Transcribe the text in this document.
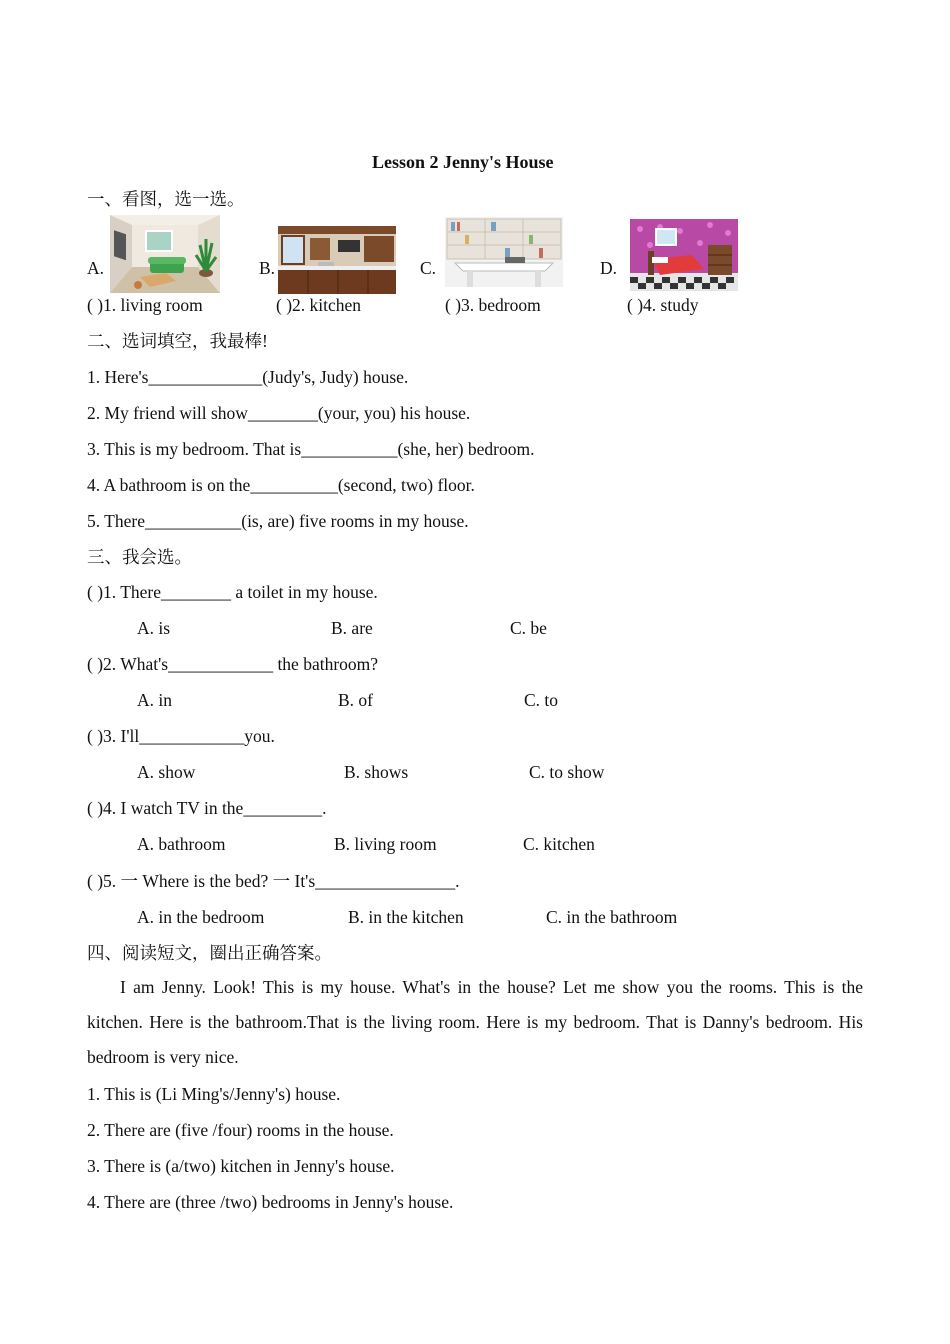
Lesson 2 Jenny's House
一、看图，选一选。
A.	B.	C.	D.
( )1. living room	( )2. kitchen	( )3. bedroom	( )4. study
二、选词填空，我最棒!
1. Here's_____________(Judy's, Judy) house.
2. My friend will show________(your, you) his house.
3. This is my bedroom. That is___________(she, her) bedroom.
4. A bathroom is on the__________(second, two) floor.
5. There___________(is, are) five rooms in my house.
三、我会选。
( )1. There________ a toilet in my house.
A. is	B. are	C. be
( )2. What's____________ the bathroom?
A. in	B. of	C. to
( )3. I'll____________you.
A. show	B. shows	C. to show
( )4. I watch TV in the_________.
A. bathroom	B. living room	C. kitchen
( )5. 一 Where is the bed? 一 It's________________.
A. in the bedroom	B. in the kitchen	C. in the bathroom
四、阅读短文，圈出正确答案。
I am Jenny. Look! This is my house. What's in the house? Let me show you the rooms. This is the kitchen. Here is the bathroom.That is the living room. Here is my bedroom. That is Danny's bedroom. His bedroom is very nice.
1. This is (Li Ming's/Jenny's) house.
2. There are (five /four) rooms in the house.
3. There is (a/two) kitchen in Jenny's house.
4. There are (three /two) bedrooms in Jenny's house.
